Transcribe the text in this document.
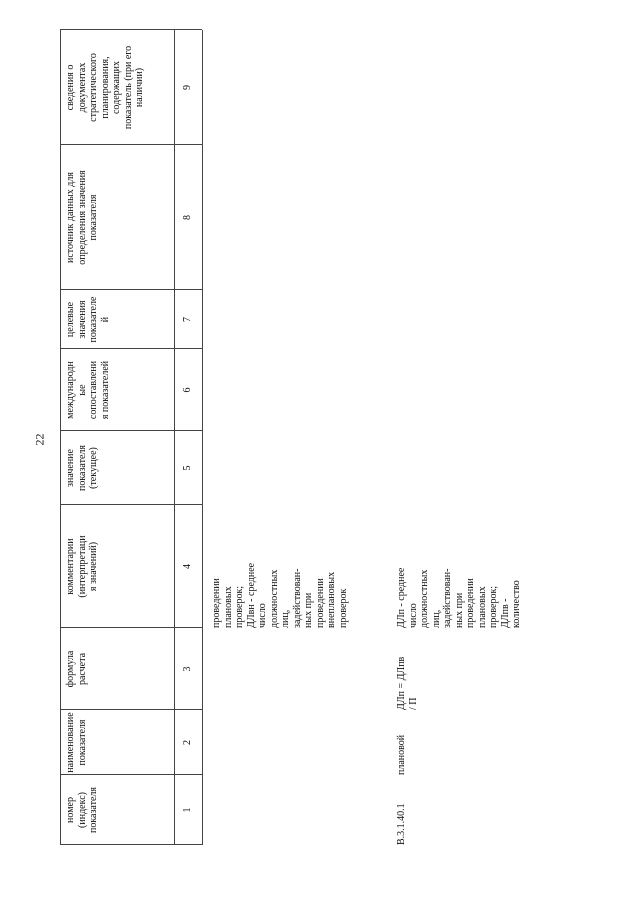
22
номер (индекс) показателя
наименование показателя
формула расчета
комментарии (интерпретаци я значений)
значение показателя (текущее)
международн ые сопоставлени я показателей
целевые значения показателе й
источник данных для определения значения показателя
сведения о документах стратегического планирования, содержащих показатель (при его наличии)
1
2
3
4
5
6
7
8
9
проведении плановых проверок; ДЛвн - среднее число должностных лиц, задействован- ных при проведении внеплановых проверок
В.3.1.40.1
плановой
ДЛп = ДЛпв / П
ДЛп - среднее число должностных лиц, задействован- ных при проведении плановых проверок; ДЛпв - количество
